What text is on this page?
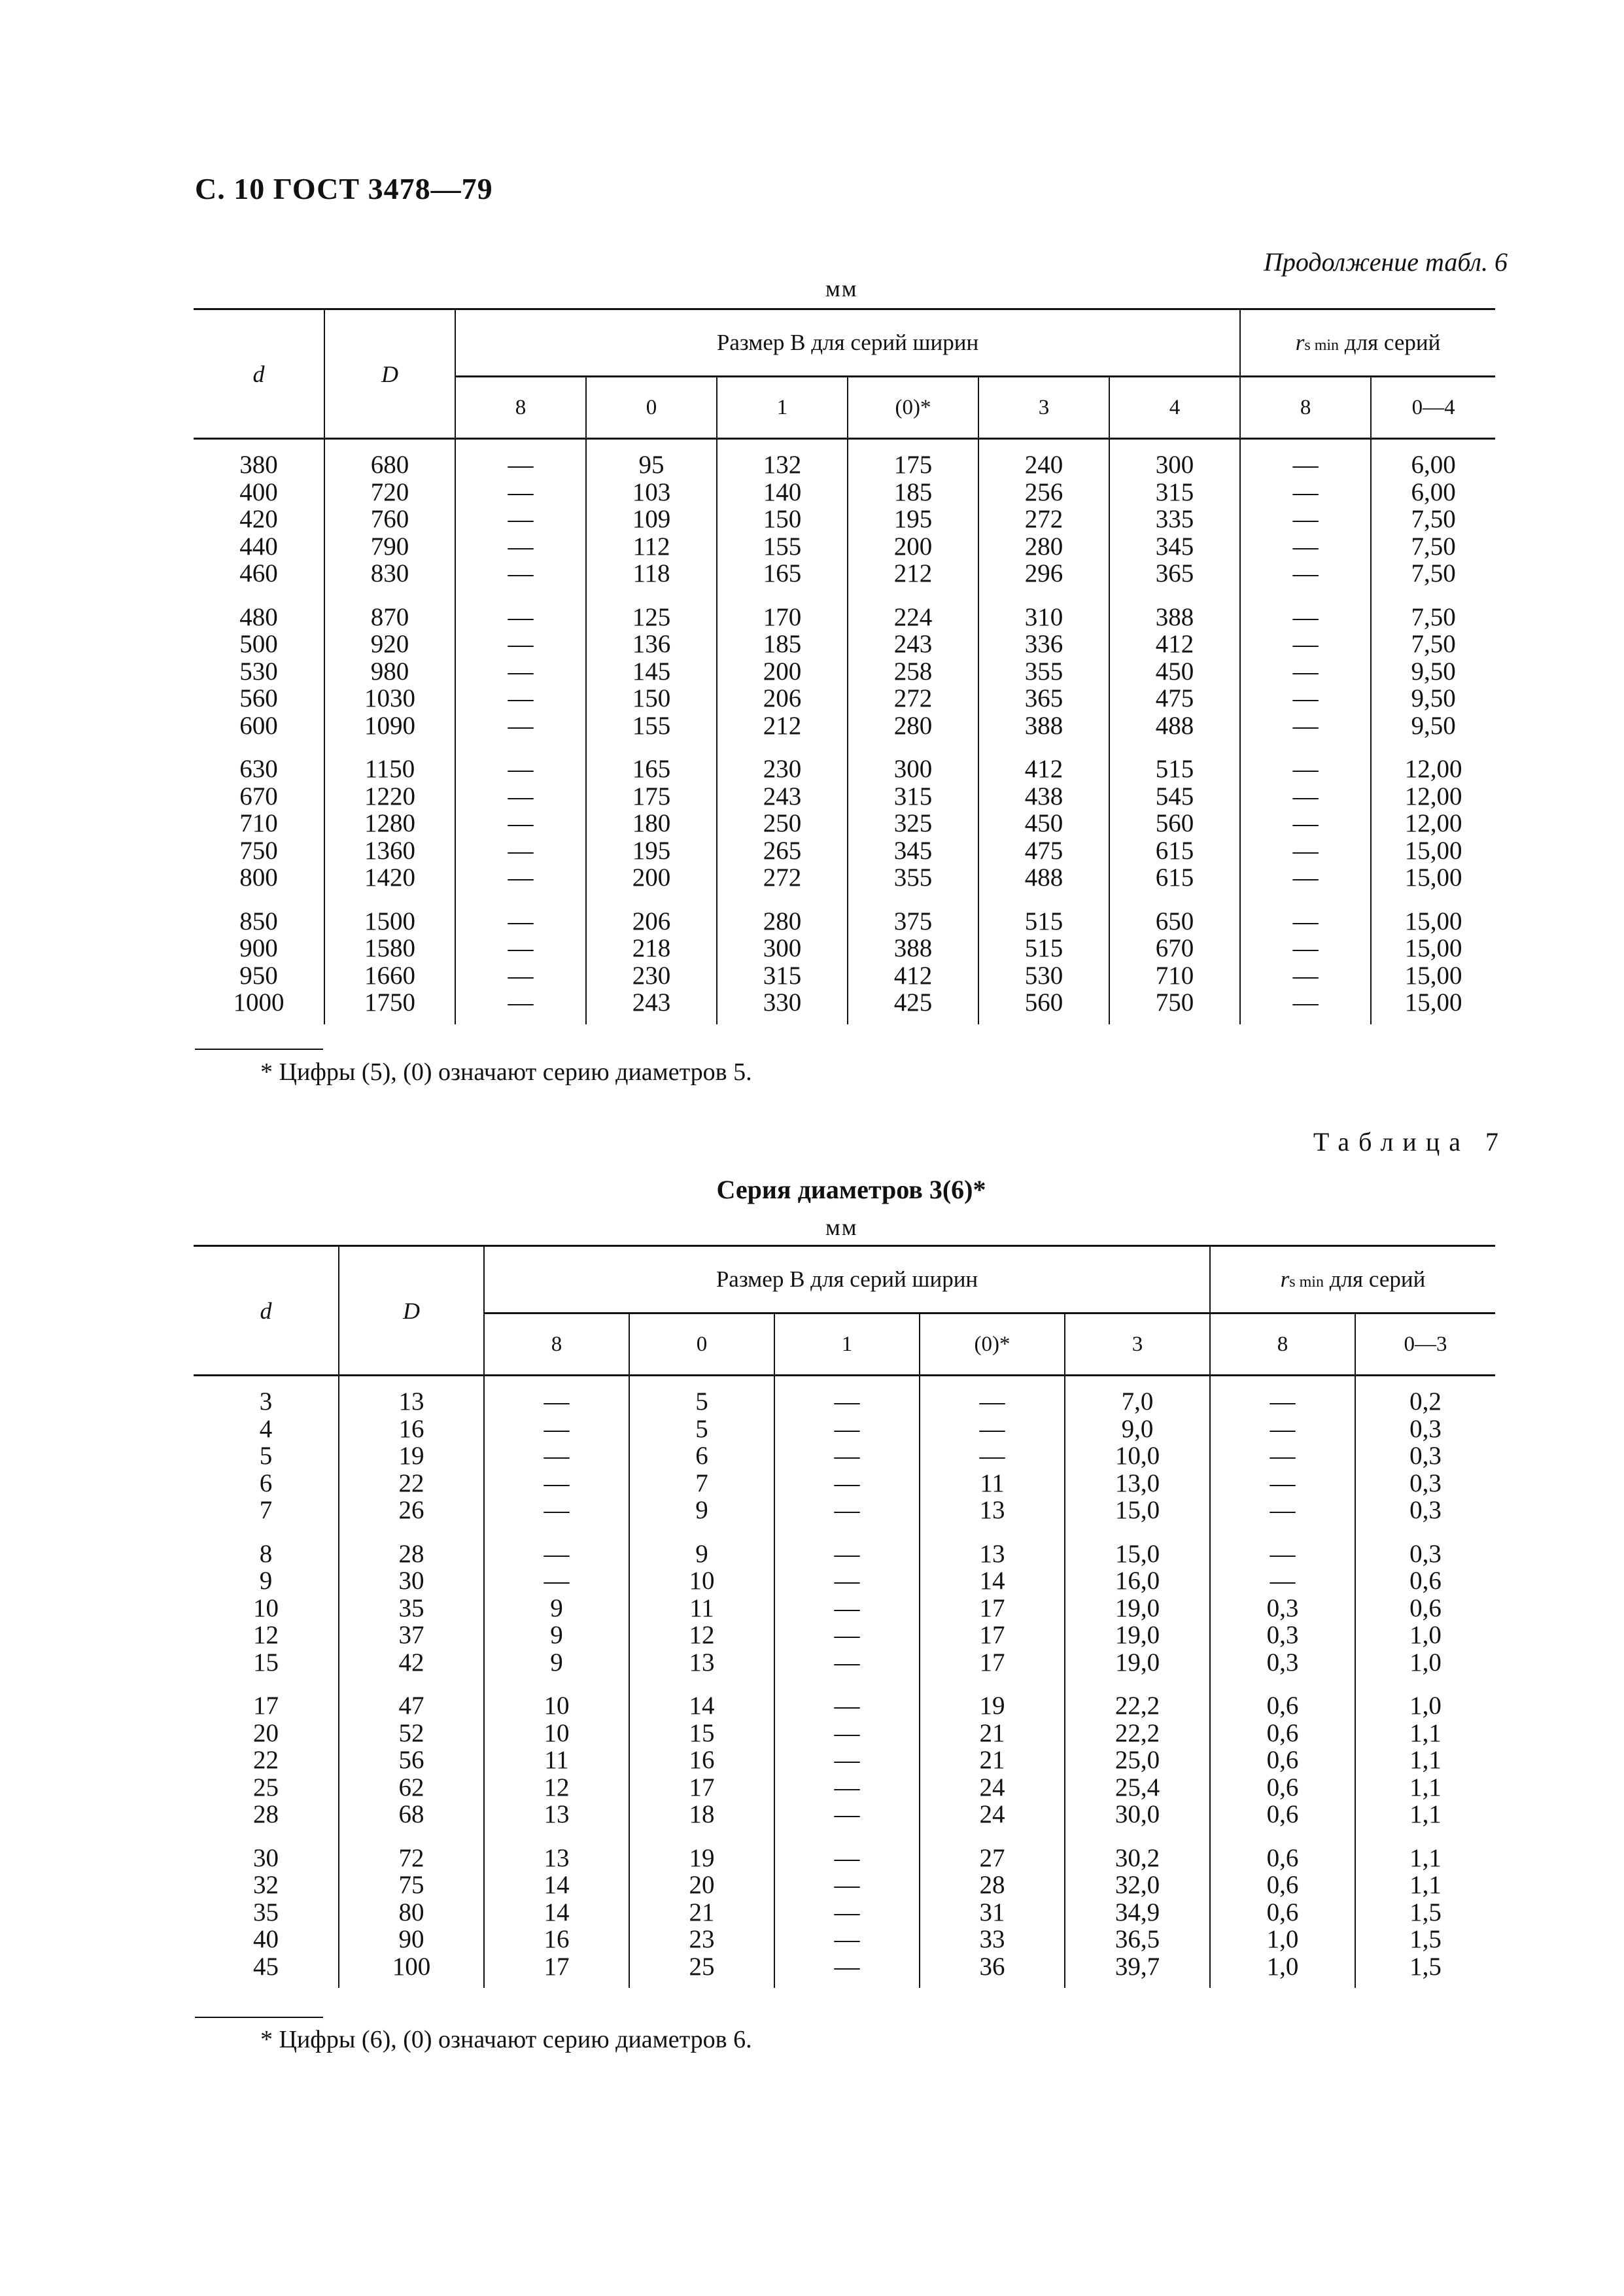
С. 10 ГОСТ 3478—79
Продолжение табл. 6
мм
d	D	Размер B для серий ширин						rs min для серий	
		8	0	1	(0)*	3	4	8	0—4
380	680	—	95	132	175	240	300	—	6,00
400	720	—	103	140	185	256	315	—	6,00
420	760	—	109	150	195	272	335	—	7,50
440	790	—	112	155	200	280	345	—	7,50
460	830	—	118	165	212	296	365	—	7,50
480	870	—	125	170	224	310	388	—	7,50
500	920	—	136	185	243	336	412	—	7,50
530	980	—	145	200	258	355	450	—	9,50
560	1030	—	150	206	272	365	475	—	9,50
600	1090	—	155	212	280	388	488	—	9,50
630	1150	—	165	230	300	412	515	—	12,00
670	1220	—	175	243	315	438	545	—	12,00
710	1280	—	180	250	325	450	560	—	12,00
750	1360	—	195	265	345	475	615	—	15,00
800	1420	—	200	272	355	488	615	—	15,00
850	1500	—	206	280	375	515	650	—	15,00
900	1580	—	218	300	388	515	670	—	15,00
950	1660	—	230	315	412	530	710	—	15,00
1000	1750	—	243	330	425	560	750	—	15,00
* Цифры (5), (0) означают серию диаметров 5.
Таблица 7
Серия диаметров 3(6)*
мм
d	D	Размер B для серий ширин					rs min для серий	
		8	0	1	(0)*	3	8	0—3
3	13	—	5	—	—	7,0	—	0,2
4	16	—	5	—	—	9,0	—	0,3
5	19	—	6	—	—	10,0	—	0,3
6	22	—	7	—	11	13,0	—	0,3
7	26	—	9	—	13	15,0	—	0,3
8	28	—	9	—	13	15,0	—	0,3
9	30	—	10	—	14	16,0	—	0,6
10	35	9	11	—	17	19,0	0,3	0,6
12	37	9	12	—	17	19,0	0,3	1,0
15	42	9	13	—	17	19,0	0,3	1,0
17	47	10	14	—	19	22,2	0,6	1,0
20	52	10	15	—	21	22,2	0,6	1,1
22	56	11	16	—	21	25,0	0,6	1,1
25	62	12	17	—	24	25,4	0,6	1,1
28	68	13	18	—	24	30,0	0,6	1,1
30	72	13	19	—	27	30,2	0,6	1,1
32	75	14	20	—	28	32,0	0,6	1,1
35	80	14	21	—	31	34,9	0,6	1,5
40	90	16	23	—	33	36,5	1,0	1,5
45	100	17	25	—	36	39,7	1,0	1,5
* Цифры (6), (0) означают серию диаметров 6.
